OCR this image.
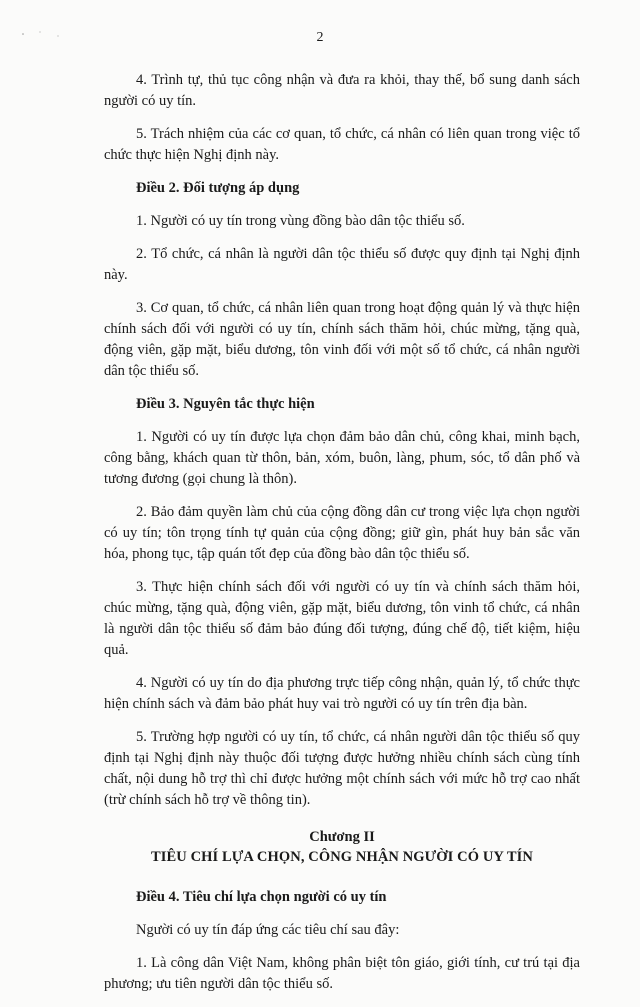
2

4. Trình tự, thủ tục công nhận và đưa ra khỏi, thay thế, bổ sung danh sách người có uy tín.

5. Trách nhiệm của các cơ quan, tổ chức, cá nhân có liên quan trong việc tổ chức thực hiện Nghị định này.

Điều 2. Đối tượng áp dụng

1. Người có uy tín trong vùng đồng bào dân tộc thiểu số.

2. Tổ chức, cá nhân là người dân tộc thiểu số được quy định tại Nghị định này.

3. Cơ quan, tổ chức, cá nhân liên quan trong hoạt động quản lý và thực hiện chính sách đối với người có uy tín, chính sách thăm hỏi, chúc mừng, tặng quà, động viên, gặp mặt, biểu dương, tôn vinh đối với một số tổ chức, cá nhân người dân tộc thiểu số.

Điều 3. Nguyên tắc thực hiện

1. Người có uy tín được lựa chọn đảm bảo dân chủ, công khai, minh bạch, công bằng, khách quan từ thôn, bản, xóm, buôn, làng, phum, sóc, tổ dân phố và tương đương (gọi chung là thôn).

2. Bảo đảm quyền làm chủ của cộng đồng dân cư trong việc lựa chọn người có uy tín; tôn trọng tính tự quản của cộng đồng; giữ gìn, phát huy bản sắc văn hóa, phong tục, tập quán tốt đẹp của đồng bào dân tộc thiểu số.

3. Thực hiện chính sách đối với người có uy tín và chính sách thăm hỏi, chúc mừng, tặng quà, động viên, gặp mặt, biểu dương, tôn vinh tổ chức, cá nhân là người dân tộc thiểu số đảm bảo đúng đối tượng, đúng chế độ, tiết kiệm, hiệu quả.

4. Người có uy tín do địa phương trực tiếp công nhận, quản lý, tổ chức thực hiện chính sách và đảm bảo phát huy vai trò người có uy tín trên địa bàn.

5. Trường hợp người có uy tín, tổ chức, cá nhân người dân tộc thiểu số quy định tại Nghị định này thuộc đối tượng được hưởng nhiều chính sách cùng tính chất, nội dung hỗ trợ thì chỉ được hưởng một chính sách với mức hỗ trợ cao nhất (trừ chính sách hỗ trợ về thông tin).

Chương II

TIÊU CHÍ LỰA CHỌN, CÔNG NHẬN NGƯỜI CÓ UY TÍN

Điều 4. Tiêu chí lựa chọn người có uy tín

Người có uy tín đáp ứng các tiêu chí sau đây:

1. Là công dân Việt Nam, không phân biệt tôn giáo, giới tính, cư trú tại địa phương; ưu tiên người dân tộc thiểu số.
